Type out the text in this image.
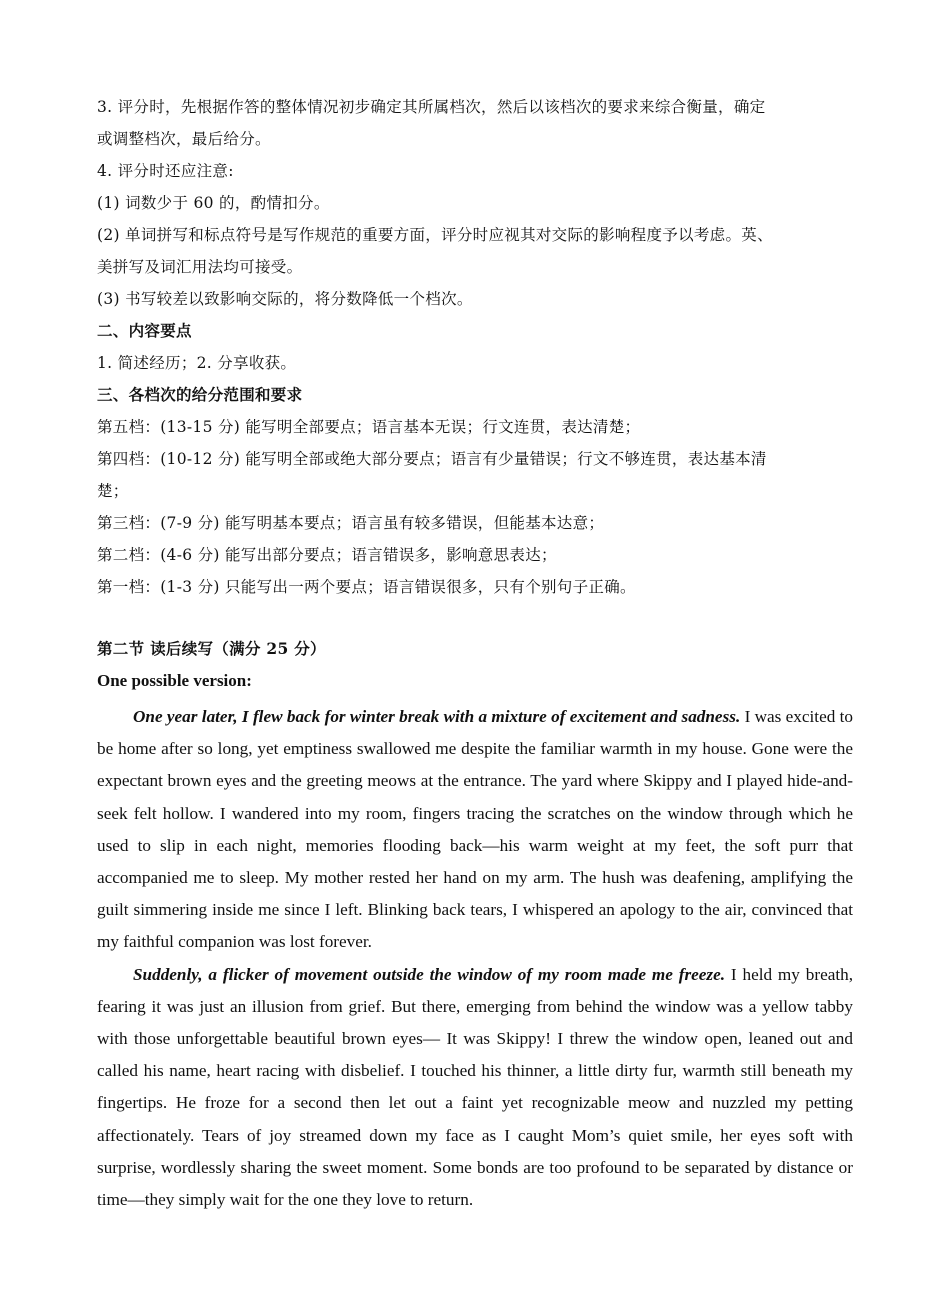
3. 评分时，先根据作答的整体情况初步确定其所属档次，然后以该档次的要求来综合衡量，确定

或调整档次，最后给分。

4. 评分时还应注意:

(1) 词数少于 60 的，酌情扣分。

(2) 单词拼写和标点符号是写作规范的重要方面，评分时应视其对交际的影响程度予以考虑。英、

美拼写及词汇用法均可接受。

(3) 书写较差以致影响交际的，将分数降低一个档次。

二、内容要点

1. 简述经历；2. 分享收获。

三、各档次的给分范围和要求

第五档：(13-15 分) 能写明全部要点；语言基本无误；行文连贯，表达清楚；

第四档：(10-12 分) 能写明全部或绝大部分要点；语言有少量错误；行文不够连贯，表达基本清

楚；

第三档：(7-9 分) 能写明基本要点；语言虽有较多错误，但能基本达意；

第二档：(4-6 分) 能写出部分要点；语言错误多，影响意思表达；

第一档：(1-3 分) 只能写出一两个要点；语言错误很多，只有个别句子正确。

第二节 读后续写（满分 25 分）

One possible version:

One year later, I flew back for winter break with a mixture of excitement and sadness. I was excited to be home after so long, yet emptiness swallowed me despite the familiar warmth in my house. Gone were the expectant brown eyes and the greeting meows at the entrance. The yard where Skippy and I played hide-and-seek felt hollow. I wandered into my room, fingers tracing the scratches on the window through which he used to slip in each night, memories flooding back—his warm weight at my feet, the soft purr that accompanied me to sleep. My mother rested her hand on my arm. The hush was deafening, amplifying the guilt simmering inside me since I left. Blinking back tears, I whispered an apology to the air, convinced that my faithful companion was lost forever.

Suddenly, a flicker of movement outside the window of my room made me freeze. I held my breath, fearing it was just an illusion from grief. But there, emerging from behind the window was a yellow tabby with those unforgettable beautiful brown eyes— It was Skippy! I threw the window open, leaned out and called his name, heart racing with disbelief. I touched his thinner, a little dirty fur, warmth still beneath my fingertips. He froze for a second then let out a faint yet recognizable meow and nuzzled my petting affectionately. Tears of joy streamed down my face as I caught Mom’s quiet smile, her eyes soft with surprise, wordlessly sharing the sweet moment. Some bonds are too profound to be separated by distance or time—they simply wait for the one they love to return.
